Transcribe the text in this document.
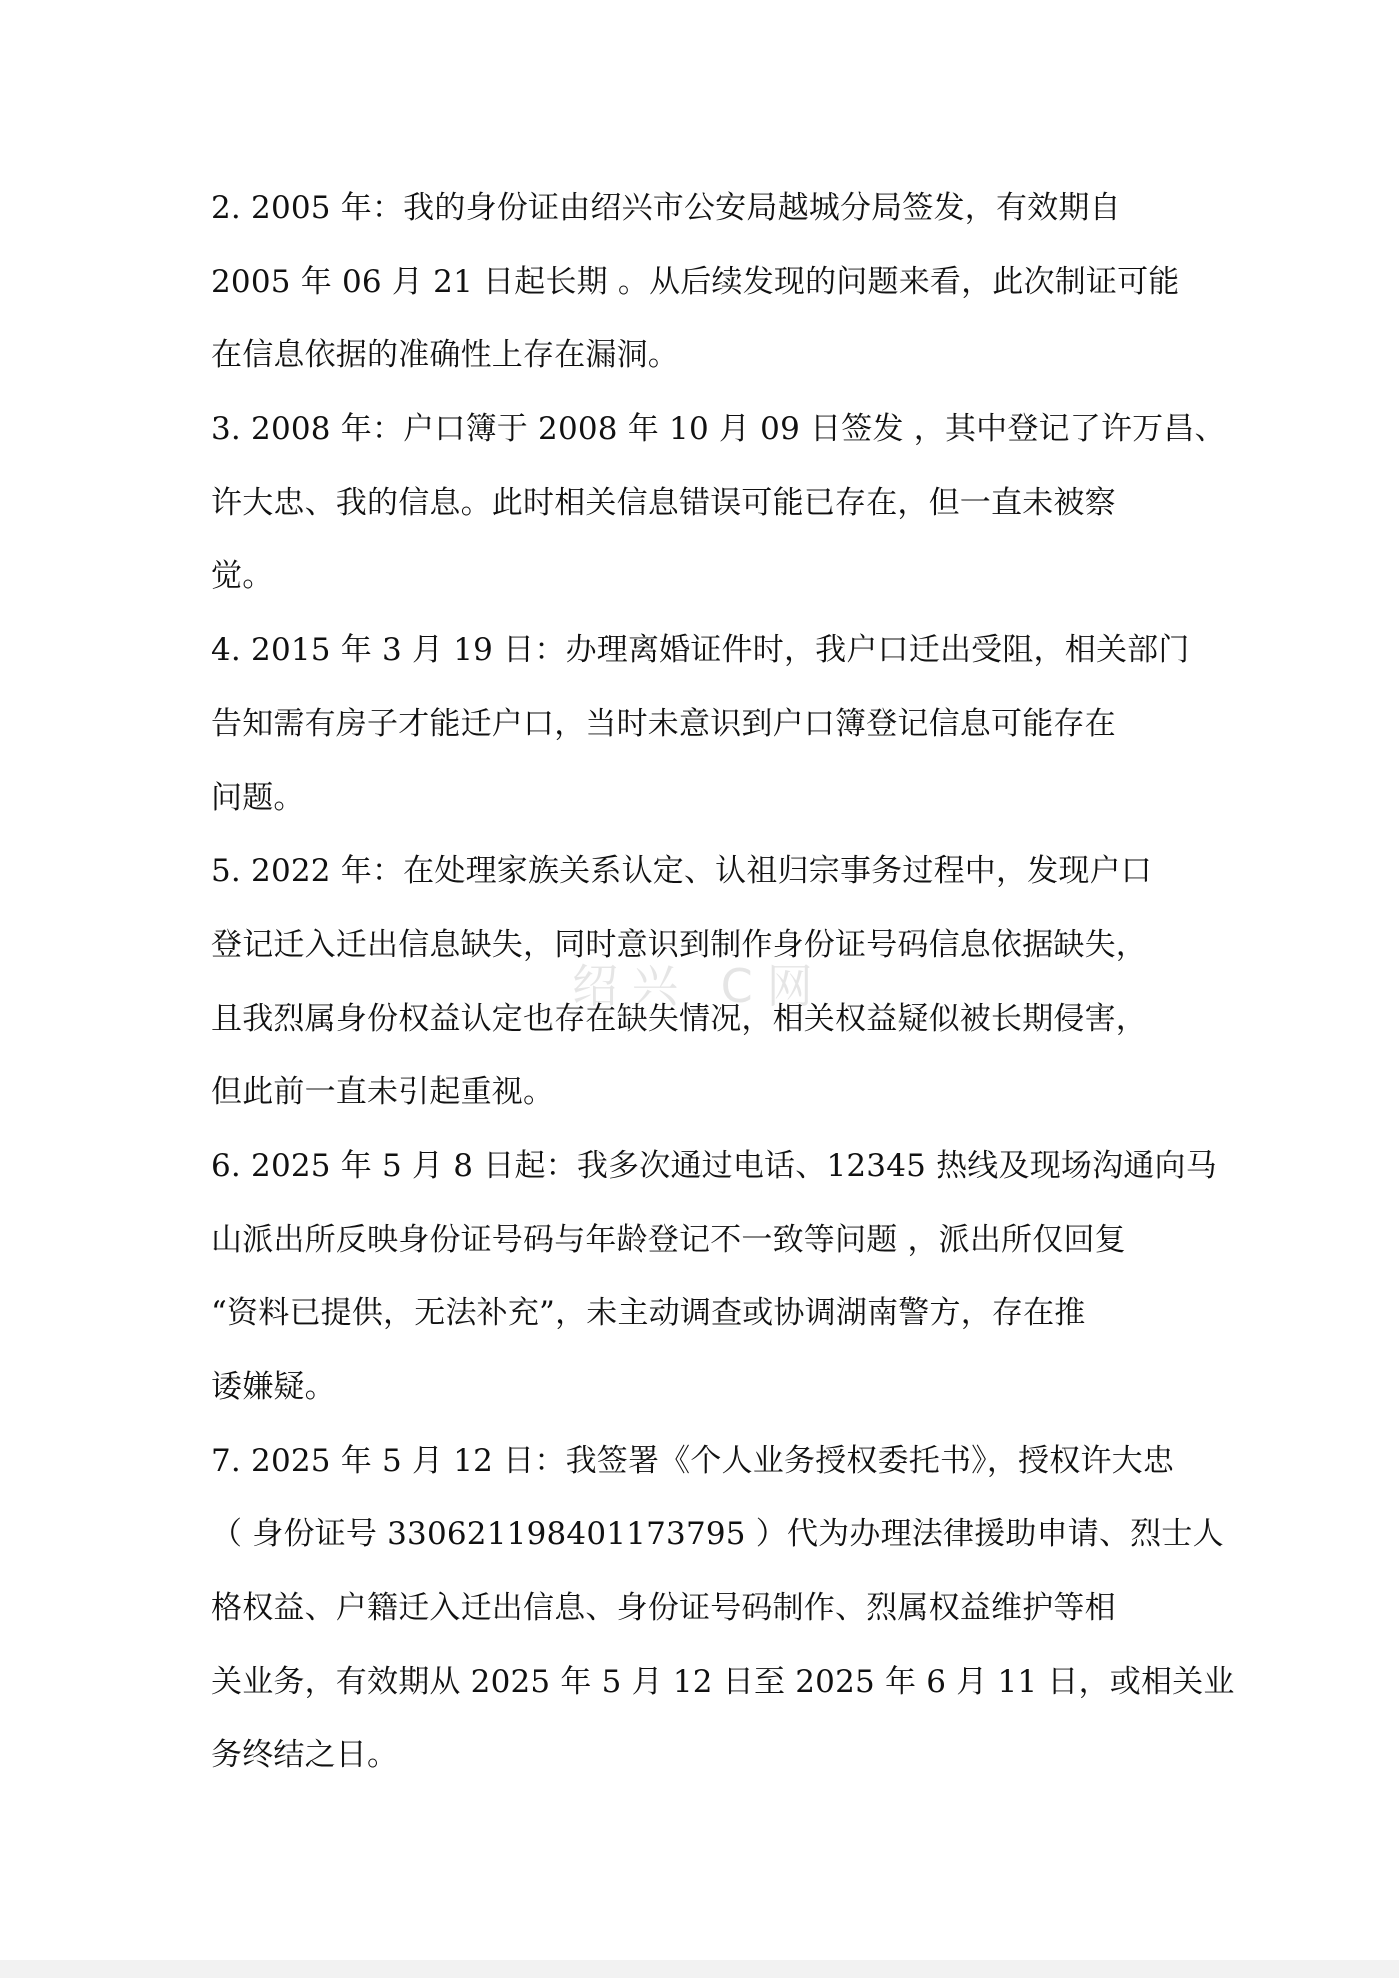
2. 2005 年：我的身份证由绍兴市公安局越城分局签发，有效期自
2005 年 06 月 21 日起长期 。从后续发现的问题来看，此次制证可能
在信息依据的准确性上存在漏洞。
3. 2008 年：户口簿于 2008 年 10 月 09 日签发 ，其中登记了许万昌、
许大忠、我的信息。此时相关信息错误可能已存在，但一直未被察
觉。
4. 2015 年 3 月 19 日：办理离婚证件时，我户口迁出受阻，相关部门
告知需有房子才能迁户口，当时未意识到户口簿登记信息可能存在
问题。
5. 2022 年：在处理家族关系认定、认祖归宗事务过程中，发现户口
登记迁入迁出信息缺失，同时意识到制作身份证号码信息依据缺失，
且我烈属身份权益认定也存在缺失情况，相关权益疑似被长期侵害，
但此前一直未引起重视。
6. 2025 年 5 月 8 日起：我多次通过电话、12345 热线及现场沟通向马
山派出所反映身份证号码与年龄登记不一致等问题 ，派出所仅回复
“资料已提供，无法补充”，未主动调查或协调湖南警方，存在推
诿嫌疑。
7. 2025 年 5 月 12 日：我签署《个人业务授权委托书》，授权许大忠
（ 身份证号 330621198401173795 ）代为办理法律援助申请、烈士人
格权益、户籍迁入迁出信息、身份证号码制作、烈属权益维护等相
关业务，有效期从 2025 年 5 月 12 日至 2025 年 6 月 11 日，或相关业
务终结之日。
绍兴 C网
